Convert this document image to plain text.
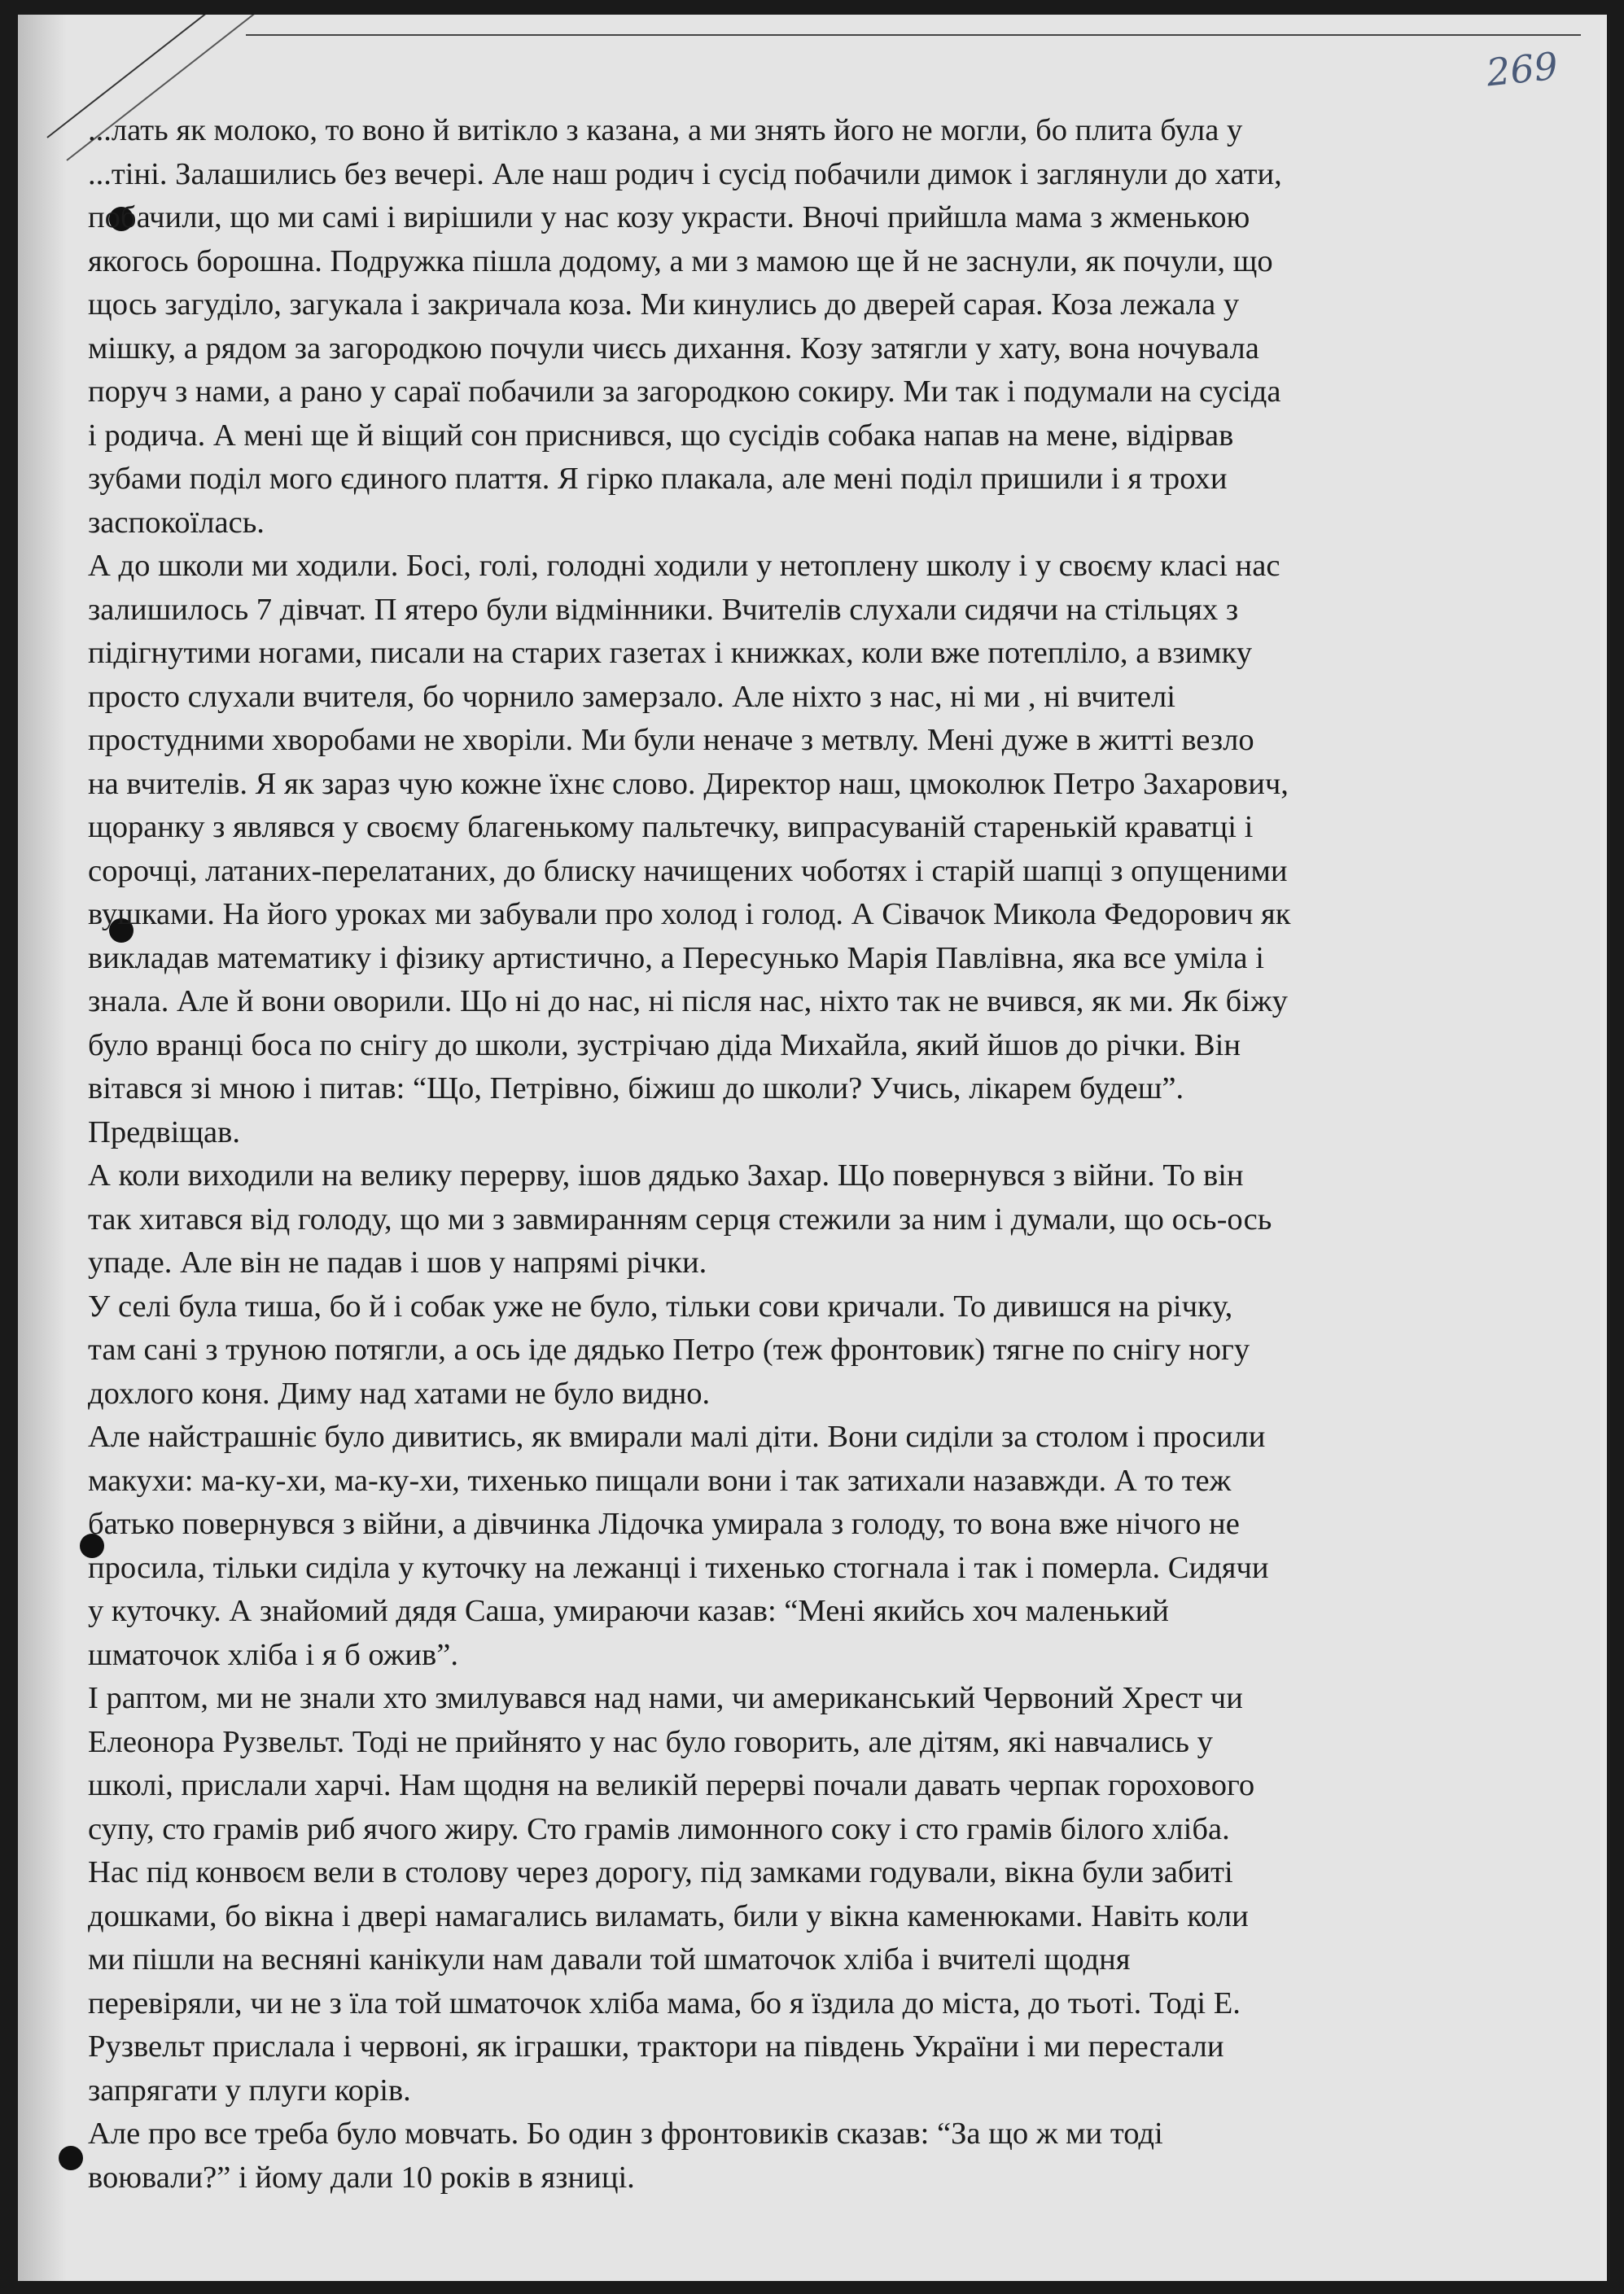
269
...лать як молоко, то воно й витікло з казана, а ми знять його не могли, бо плита була у
...тіні. Залашились без вечері. Але наш родич і сусід побачили димок і заглянули до хати,
побачили, що ми самі і вирішили у нас козу украсти. Вночі прийшла мама з жменькою
якогось борошна. Подружка пішла додому, а ми з мамою ще й не заснули, як почули, що
щось загуділо, загукала і закричала коза. Ми кинулись до дверей сарая. Коза лежала у
мішку, а рядом за загородкою почули чиєсь дихання. Козу затягли у хату, вона ночувала
поруч з нами, а рано у сараї побачили за загородкою сокиру. Ми так і подумали на сусіда
і родича. А мені ще й віщий сон приснився, що сусідів собака напав на мене, відірвав
зубами поділ мого єдиного плаття. Я гірко плакала, але мені поділ пришили і я трохи
заспокоїлась.
А до школи ми ходили. Босі, голі, голодні ходили у нетоплену школу і у своєму класі нас
залишилось 7 дівчат. П ятеро були відмінники. Вчителів слухали сидячи на стільцях з
підігнутими ногами, писали на старих газетах і книжках, коли вже потепліло, а взимку
просто слухали вчителя, бо чорнило замерзало. Але ніхто з нас, ні ми , ні вчителі
простудними хворобами не хворіли. Ми були неначе з метвлу. Мені дуже в житті везло
на вчителів. Я як зараз чую кожне їхнє слово. Директор наш, цмоколюк Петро Захарович,
щоранку з являвся у своєму благенькому пальтечку, випрасуваній старенькій краватці і
сорочці, латаних-перелатаних, до блиску начищених чоботях і старій шапці з опущеними
вушками. На його уроках ми забували про холод і голод. А Сівачок Микола Федорович як
викладав математику і фізику артистично, а Пересунько Марія Павлівна, яка все уміла і
знала. Але й вони оворили. Що ні до нас, ні після нас, ніхто так не вчився, як ми. Як біжу
було вранці боса по снігу до школи, зустрічаю діда Михайла, який йшов до річки. Він
вітався зі мною і питав: “Що, Петрівно, біжиш до школи? Учись, лікарем будеш”.
Предвіщав.
А коли виходили на велику перерву, ішов дядько Захар. Що повернувся з війни. То він
так хитався від голоду, що ми з завмиранням серця стежили за ним і думали, що ось-ось
упаде. Але він не падав і шов у напрямі річки.
У селі була тиша, бо й і собак уже не було, тільки сови кричали. То дивишся на річку,
там сані з труною потягли, а ось іде дядько Петро (теж фронтовик) тягне по снігу ногу
дохлого коня. Диму над хатами не було видно.
Але найстрашніє було дивитись, як вмирали малі діти. Вони сиділи за столом і просили
макухи: ма-ку-хи, ма-ку-хи, тихенько пищали вони і так затихали назавжди. А то теж
батько повернувся з війни, а дівчинка Лідочка умирала з голоду, то вона вже нічого не
просила, тільки сиділа у куточку на лежанці і тихенько стогнала і так і померла. Сидячи
у куточку. А знайомий дядя Саша, умираючи казав: “Мені якийсь хоч маленький
шматочок хліба і я б ожив”.
І раптом, ми не знали хто змилувався над нами, чи американський Червоний Хрест чи
Елеонора Рузвельт. Тоді не прийнято у нас було говорить, але дітям, які навчались у
школі, прислали харчі. Нам щодня на великій перерві почали давать черпак горохового
супу, сто грамів риб ячого жиру. Сто грамів лимонного соку і сто грамів білого хліба.
Нас під конвоєм вели в столову через дорогу, під замками годували, вікна були забиті
дошками, бо вікна і двері намагались виламать, били у вікна каменюками. Навіть коли
ми пішли на весняні канікули нам давали той шматочок хліба і вчителі щодня
перевіряли, чи не з їла той шматочок хліба мама, бо я їздила до міста, до тьоті. Тоді Е.
Рузвельт прислала і червоні, як іграшки, трактори на південь України і ми перестали
запрягати у плуги корів.
Але про все треба було мовчать. Бо один з фронтовиків сказав: “За що ж ми тоді
воювали?” і йому дали 10 років в язниці.
